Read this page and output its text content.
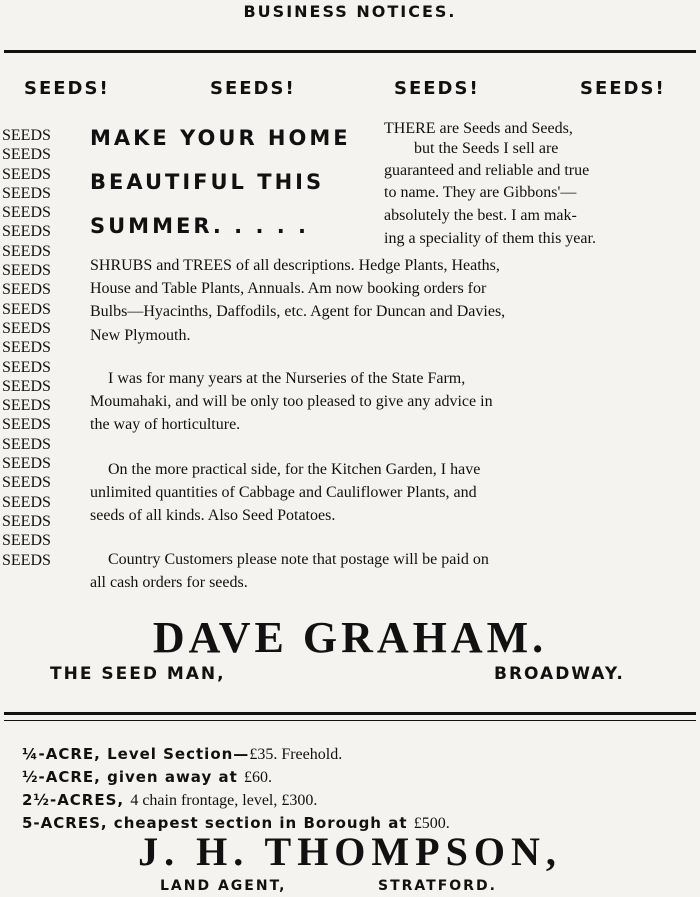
BUSINESS NOTICES.
SEEDS!	SEEDS!	SEEDS!	SEEDS!
SEEDS
SEEDS
SEEDS
SEEDS
SEEDS
SEEDS
SEEDS
SEEDS
SEEDS
SEEDS
SEEDS
SEEDS
SEEDS
SEEDS
SEEDS
SEEDS
SEEDS
SEEDS
SEEDS
SEEDS
SEEDS
SEEDS
SEEDS
MAKE YOUR HOME
BEAUTIFUL THIS
SUMMER. . . . .
THERE are Seeds and Seeds,
but the Seeds I sell are
guaranteed and reliable and true
to name. They are Gibbons'—
absolutely the best. I am mak-
ing a speciality of them this year.
SHRUBS and TREES of all descriptions. Hedge Plants, Heaths,
House and Table Plants, Annuals. Am now booking orders for
Bulbs—Hyacinths, Daffodils, etc. Agent for Duncan and Davies,
New Plymouth.
I was for many years at the Nurseries of the State Farm,
Moumahaki, and will be only too pleased to give any advice in
the way of horticulture.
On the more practical side, for the Kitchen Garden, I have
unlimited quantities of Cabbage and Cauliflower Plants, and
seeds of all kinds. Also Seed Potatoes.
Country Customers please note that postage will be paid on
all cash orders for seeds.
DAVE GRAHAM.
THE SEED MAN,	BROADWAY.
¼-ACRE, Level Section—£35. Freehold.
½-ACRE, given away at £60.
2½-ACRES, 4 chain frontage, level, £300.
5-ACRES, cheapest section in Borough at £500.
J. H. THOMPSON,
LAND AGENT,	STRATFORD.
